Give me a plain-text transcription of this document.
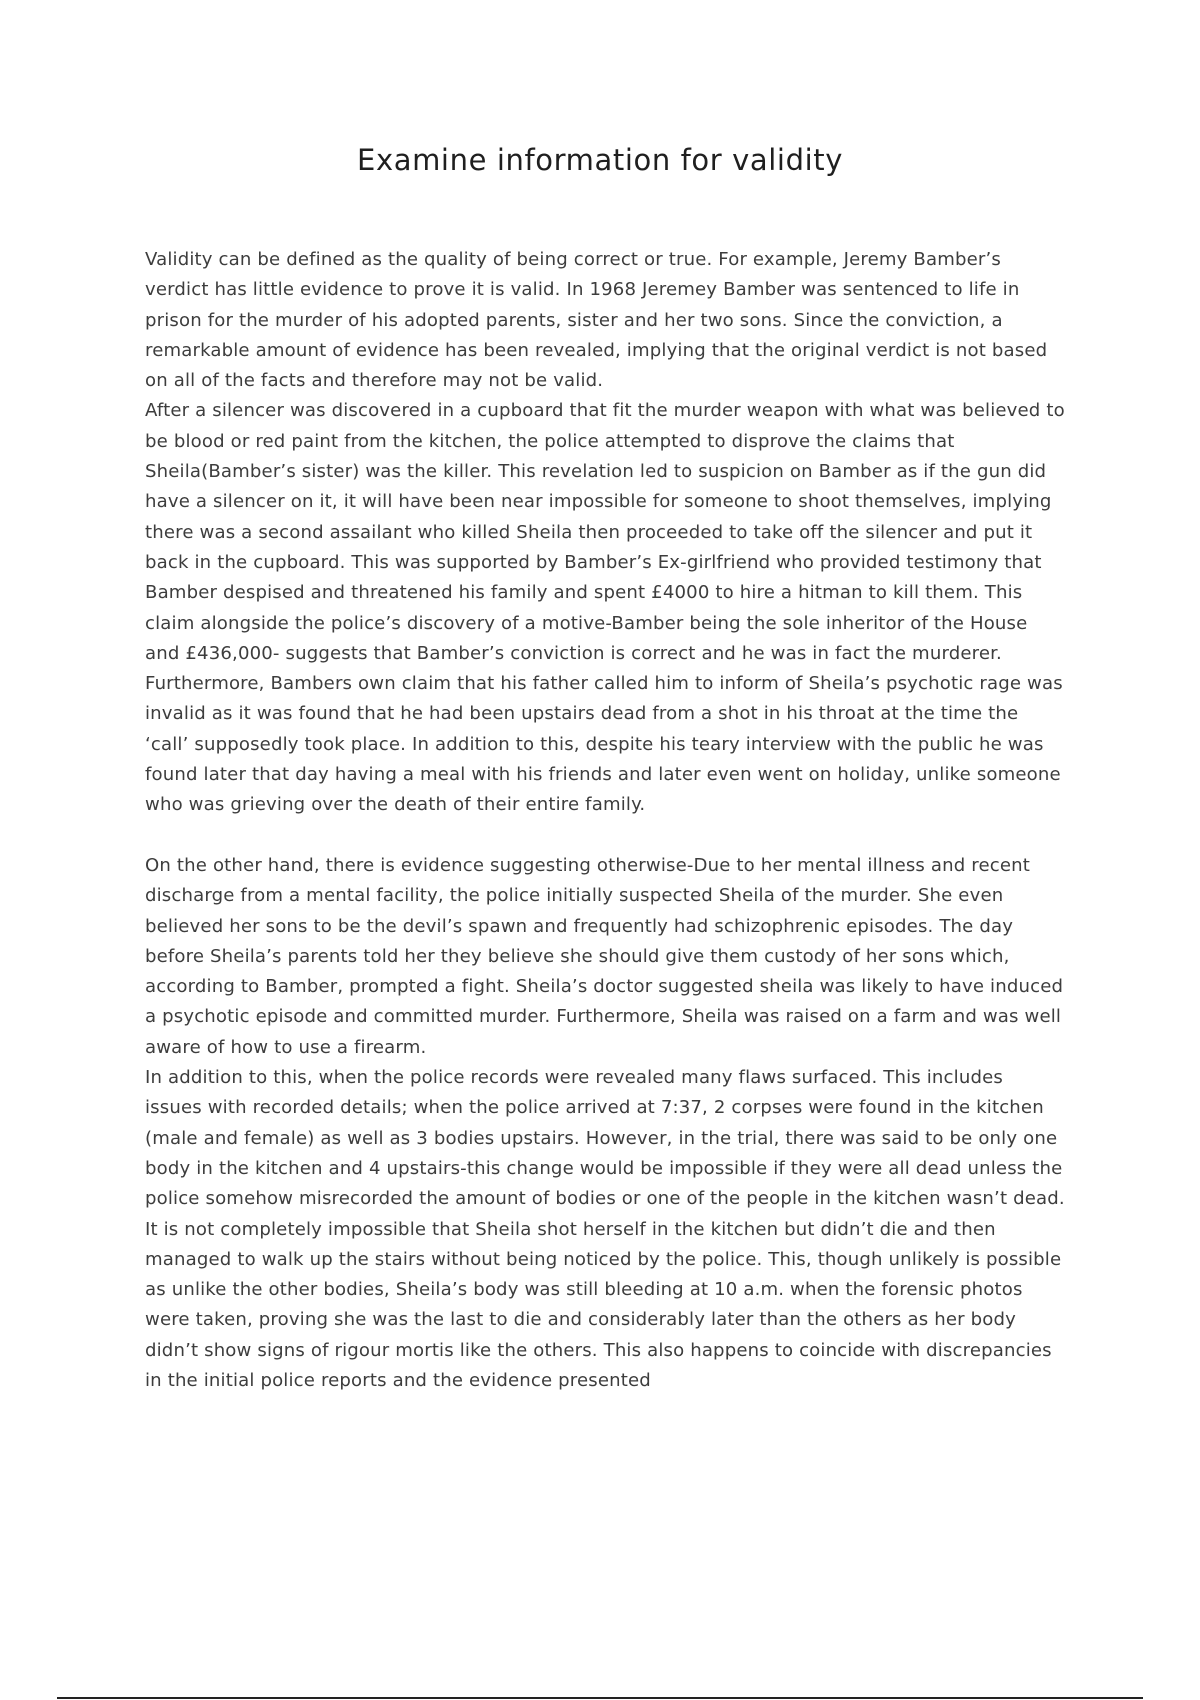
Examine information for validity

Validity can be defined as the quality of being correct or true. For example, Jeremy Bamber’s verdict has little evidence to prove it is valid. In 1968 Jeremey Bamber was sentenced to life in prison for the murder of his adopted parents, sister and her two sons. Since the conviction, a remarkable amount of evidence has been revealed, implying that the original verdict is not based on all of the facts and therefore may not be valid.

After a silencer was discovered in a cupboard that fit the murder weapon with what was believed to be blood or red paint from the kitchen, the police attempted to disprove the claims that Sheila(Bamber’s sister) was the killer. This revelation led to suspicion on Bamber as if the gun did have a silencer on it, it will have been near impossible for someone to shoot themselves, implying there was a second assailant who killed Sheila then proceeded to take off the silencer and put it back in the cupboard. This was supported by Bamber’s Ex-girlfriend who provided testimony that Bamber despised and threatened his family and spent £4000 to hire a hitman to kill them. This claim alongside the police’s discovery of a motive-Bamber being the sole inheritor of the House and £436,000- suggests that Bamber’s conviction is correct and he was in fact the murderer. Furthermore, Bambers own claim that his father called him to inform of Sheila’s psychotic rage was invalid as it was found that he had been upstairs dead from a shot in his throat at the time the ‘call’ supposedly took place. In addition to this, despite his teary interview with the public he was found later that day having a meal with his friends and later even went on holiday, unlike someone who was grieving over the death of their entire family.

On the other hand, there is evidence suggesting otherwise-Due to her mental illness and recent discharge from a mental facility, the police initially suspected Sheila of the murder. She even believed her sons to be the devil’s spawn and frequently had schizophrenic episodes. The day before Sheila’s parents told her they believe she should give them custody of her sons which, according to Bamber, prompted a fight. Sheila’s doctor suggested sheila was likely to have induced a psychotic episode and committed murder. Furthermore, Sheila was raised on a farm and was well aware of how to use a firearm.

In addition to this, when the police records were revealed many flaws surfaced. This includes issues with recorded details; when the police arrived at 7:37, 2 corpses were found in the kitchen (male and female) as well as 3 bodies upstairs. However, in the trial, there was said to be only one body in the kitchen and 4 upstairs-this change would be impossible if they were all dead unless the police somehow misrecorded the amount of bodies or one of the people in the kitchen wasn’t dead. It is not completely impossible that Sheila shot herself in the kitchen but didn’t die and then managed to walk up the stairs without being noticed by the police. This, though unlikely is possible as unlike the other bodies, Sheila’s body was still bleeding at 10 a.m. when the forensic photos were taken, proving she was the last to die and considerably later than the others as her body didn’t show signs of rigour mortis like the others. This also happens to coincide with discrepancies in the initial police reports and the evidence presented
